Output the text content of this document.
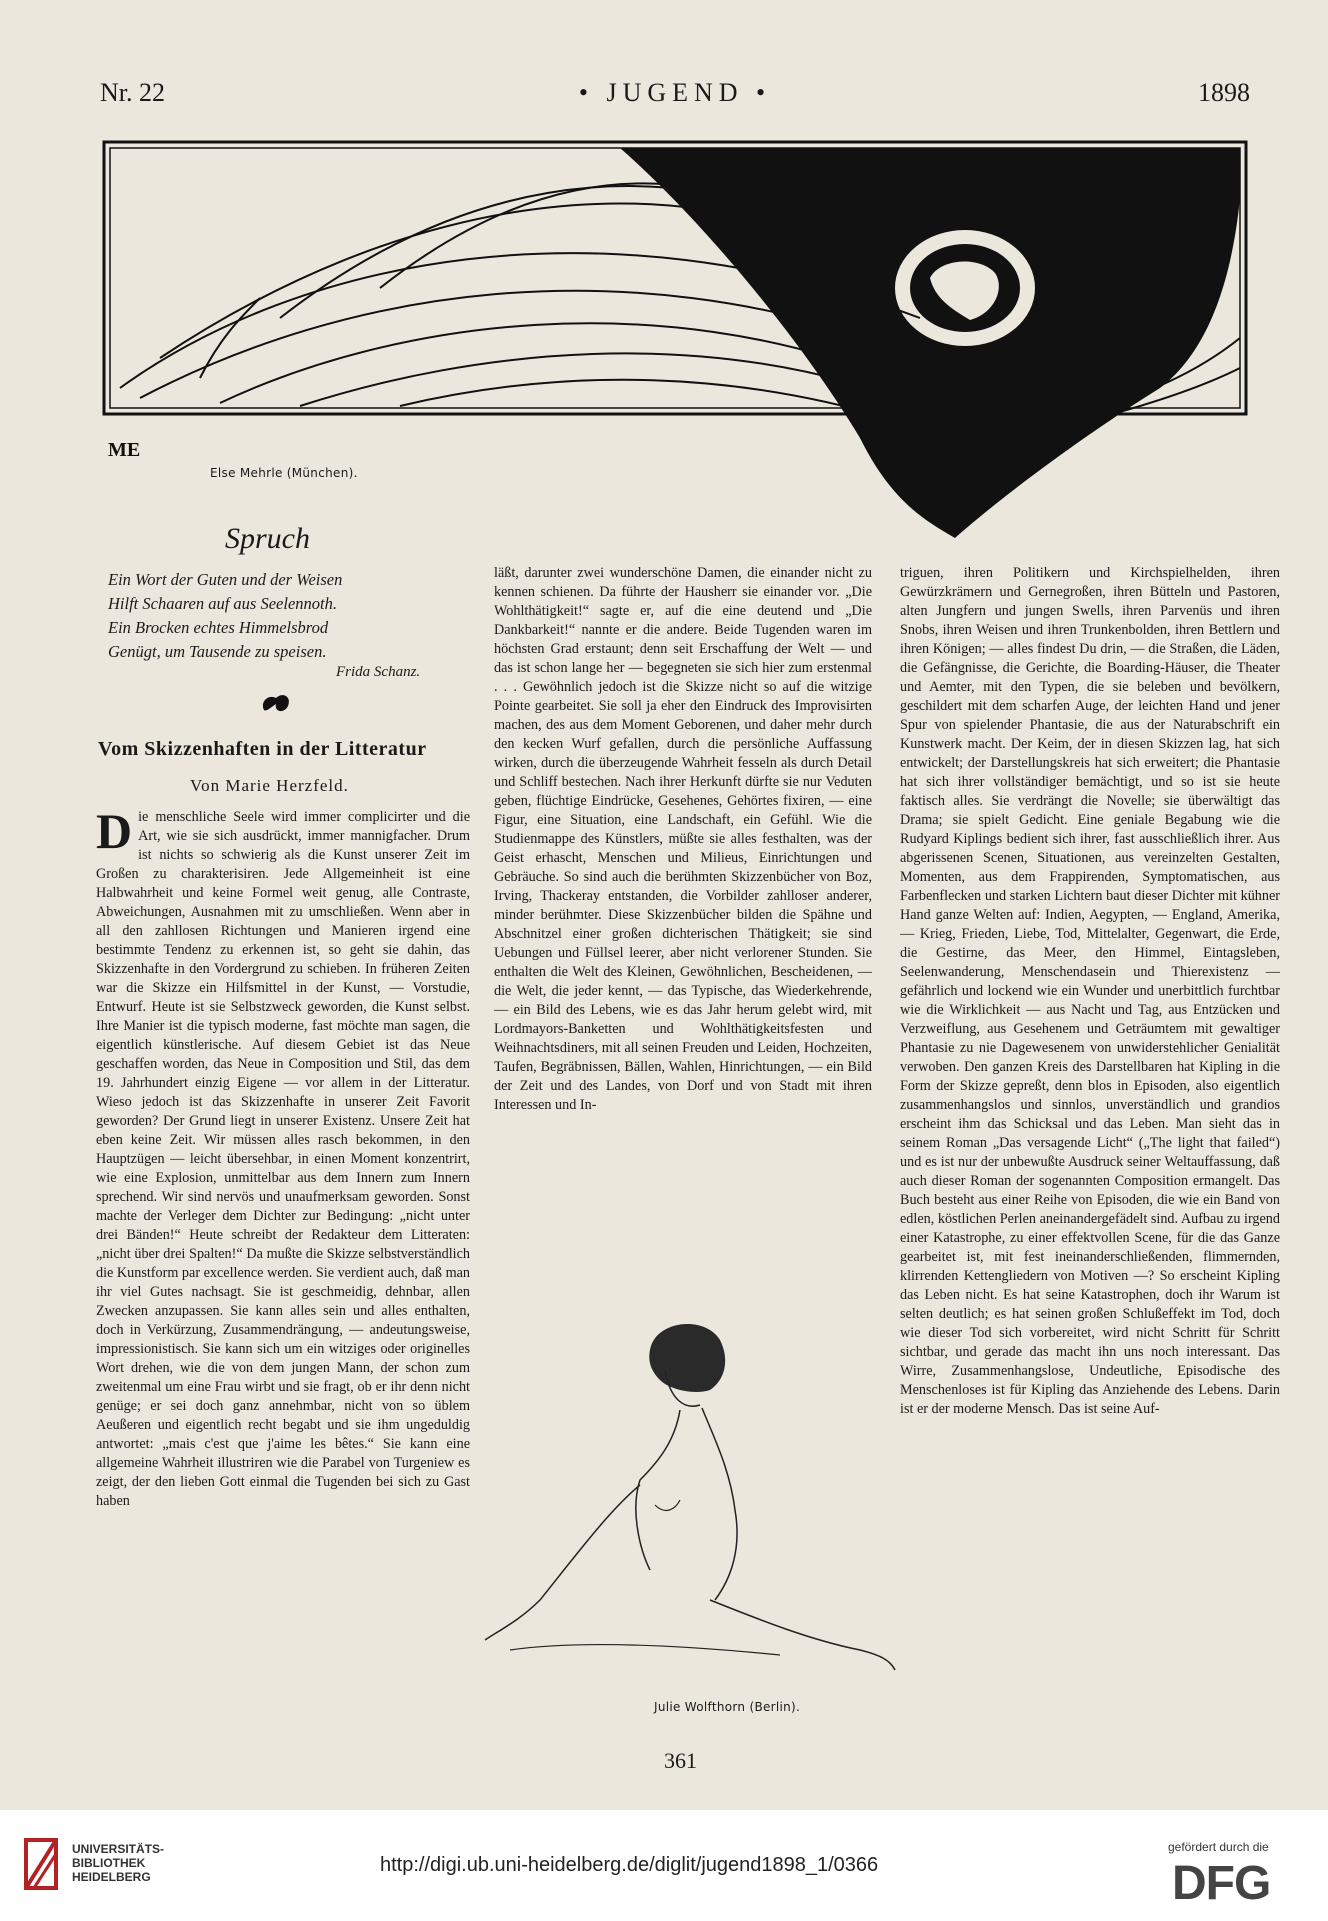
Nr. 22	• JUGEND •	1898
ME
Else Mehrle (München).
Spruch
Ein Wort der Guten und der Weisen
Hilft Schaaren auf aus Seelennoth.
Ein Brocken echtes Himmelsbrod
Genügt, um Tausende zu speisen.
Frida Schanz.
Vom Skizzenhaften in der Litteratur
Von Marie Herzfeld.
Die menschliche Seele wird immer complicirter und die Art, wie sie sich ausdrückt, immer mannigfacher. Drum ist nichts so schwierig als die Kunst unserer Zeit im Großen zu charakterisiren. Jede Allgemeinheit ist eine Halbwahrheit und keine Formel weit genug, alle Contraste, Abweichungen, Ausnahmen mit zu umschließen. Wenn aber in all den zahllosen Richtungen und Manieren irgend eine bestimmte Tendenz zu erkennen ist, so geht sie dahin, das Skizzenhafte in den Vordergrund zu schieben. In früheren Zeiten war die Skizze ein Hilfsmittel in der Kunst, — Vorstudie, Entwurf. Heute ist sie Selbstzweck geworden, die Kunst selbst. Ihre Manier ist die typisch moderne, fast möchte man sagen, die eigentlich künstlerische. Auf diesem Gebiet ist das Neue geschaffen worden, das Neue in Composition und Stil, das dem 19. Jahrhundert einzig Eigene — vor allem in der Litteratur. Wieso jedoch ist das Skizzenhafte in unserer Zeit Favorit geworden? Der Grund liegt in unserer Existenz. Unsere Zeit hat eben keine Zeit. Wir müssen alles rasch bekommen, in den Hauptzügen — leicht übersehbar, in einen Moment konzentrirt, wie eine Explosion, unmittelbar aus dem Innern zum Innern sprechend. Wir sind nervös und unaufmerksam geworden. Sonst machte der Verleger dem Dichter zur Bedingung: „nicht unter drei Bänden!“ Heute schreibt der Redakteur dem Litteraten: „nicht über drei Spalten!“ Da mußte die Skizze selbstverständlich die Kunstform par excellence werden. Sie verdient auch, daß man ihr viel Gutes nachsagt. Sie ist geschmeidig, dehnbar, allen Zwecken anzupassen. Sie kann alles sein und alles enthalten, doch in Verkürzung, Zusammendrängung, — andeutungsweise, impressionistisch. Sie kann sich um ein witziges oder originelles Wort drehen, wie die von dem jungen Mann, der schon zum zweitenmal um eine Frau wirbt und sie fragt, ob er ihr denn nicht genüge; er sei doch ganz annehmbar, nicht von so üblem Aeußeren und eigentlich recht begabt und sie ihm ungeduldig antwortet: „mais c'est que j'aime les bêtes.“ Sie kann eine allgemeine Wahrheit illustriren wie die Parabel von Turgeniew es zeigt, der den lieben Gott einmal die Tugenden bei sich zu Gast haben
läßt, darunter zwei wunderschöne Damen, die einander nicht zu kennen schienen. Da führte der Hausherr sie einander vor. „Die Wohlthätigkeit!“ sagte er, auf die eine deutend und „Die Dankbarkeit!“ nannte er die andere. Beide Tugenden waren im höchsten Grad erstaunt; denn seit Erschaffung der Welt — und das ist schon lange her — begegneten sie sich hier zum erstenmal . . . Gewöhnlich jedoch ist die Skizze nicht so auf die witzige Pointe gearbeitet. Sie soll ja eher den Eindruck des Improvisirten machen, des aus dem Moment Geborenen, und daher mehr durch den kecken Wurf gefallen, durch die persönliche Auffassung wirken, durch die überzeugende Wahrheit fesseln als durch Detail und Schliff bestechen. Nach ihrer Herkunft dürfte sie nur Veduten geben, flüchtige Eindrücke, Gesehenes, Gehörtes fixiren, — eine Figur, eine Situation, eine Landschaft, ein Gefühl. Wie die Studienmappe des Künstlers, müßte sie alles festhalten, was der Geist erhascht, Menschen und Milieus, Einrichtungen und Gebräuche. So sind auch die berühmten Skizzenbücher von Boz, Irving, Thackeray entstanden, die Vorbilder zahlloser anderer, minder berühmter. Diese Skizzenbücher bilden die Spähne und Abschnitzel einer großen dichterischen Thätigkeit; sie sind Uebungen und Füllsel leerer, aber nicht verlorener Stunden. Sie enthalten die Welt des Kleinen, Gewöhnlichen, Bescheidenen, — die Welt, die jeder kennt, — das Typische, das Wiederkehrende, — ein Bild des Lebens, wie es das Jahr herum gelebt wird, mit Lordmayors-Banketten und Wohlthätigkeitsfesten und Weihnachtsdiners, mit all seinen Freuden und Leiden, Hochzeiten, Taufen, Begräbnissen, Bällen, Wahlen, Hinrichtungen, — ein Bild der Zeit und des Landes, von Dorf und von Stadt mit ihren Interessen und In-
triguen, ihren Politikern und Kirchspielhelden, ihren Gewürzkrämern und Gernegroßen, ihren Bütteln und Pastoren, alten Jungfern und jungen Swells, ihren Parvenüs und ihren Snobs, ihren Weisen und ihren Trunkenbolden, ihren Bettlern und ihren Königen; — alles findest Du drin, — die Straßen, die Läden, die Gefängnisse, die Gerichte, die Boarding-Häuser, die Theater und Aemter, mit den Typen, die sie beleben und bevölkern, geschildert mit dem scharfen Auge, der leichten Hand und jener Spur von spielender Phantasie, die aus der Naturabschrift ein Kunstwerk macht. Der Keim, der in diesen Skizzen lag, hat sich entwickelt; der Darstellungskreis hat sich erweitert; die Phantasie hat sich ihrer vollständiger bemächtigt, und so ist sie heute faktisch alles. Sie verdrängt die Novelle; sie überwältigt das Drama; sie spielt Gedicht. Eine geniale Begabung wie die Rudyard Kiplings bedient sich ihrer, fast ausschließlich ihrer. Aus abgerissenen Scenen, Situationen, aus vereinzelten Gestalten, Momenten, aus dem Frappirenden, Symptomatischen, aus Farbenflecken und starken Lichtern baut dieser Dichter mit kühner Hand ganze Welten auf: Indien, Aegypten, — England, Amerika, — Krieg, Frieden, Liebe, Tod, Mittelalter, Gegenwart, die Erde, die Gestirne, das Meer, den Himmel, Eintagsleben, Seelenwanderung, Menschendasein und Thierexistenz — gefährlich und lockend wie ein Wunder und unerbittlich furchtbar wie die Wirklichkeit — aus Nacht und Tag, aus Entzücken und Verzweiflung, aus Gesehenem und Geträumtem mit gewaltiger Phantasie zu nie Dagewesenem von unwiderstehlicher Genialität verwoben. Den ganzen Kreis des Darstellbaren hat Kipling in die Form der Skizze gepreßt, denn blos in Episoden, also eigentlich zusammenhangslos und sinnlos, unverständlich und grandios erscheint ihm das Schicksal und das Leben. Man sieht das in seinem Roman „Das versagende Licht“ („The light that failed“) und es ist nur der unbewußte Ausdruck seiner Weltauffassung, daß auch dieser Roman der sogenannten Composition ermangelt. Das Buch besteht aus einer Reihe von Episoden, die wie ein Band von edlen, köstlichen Perlen aneinandergefädelt sind. Aufbau zu irgend einer Katastrophe, zu einer effektvollen Scene, für die das Ganze gearbeitet ist, mit fest ineinanderschließenden, flimmernden, klirrenden Kettengliedern von Motiven —? So erscheint Kipling das Leben nicht. Es hat seine Katastrophen, doch ihr Warum ist selten deutlich; es hat seinen großen Schlußeffekt im Tod, doch wie dieser Tod sich vorbereitet, wird nicht Schritt für Schritt sichtbar, und gerade das macht ihn uns noch interessant. Das Wirre, Zusammenhangslose, Undeutliche, Episodische des Menschenloses ist für Kipling das Anziehende des Lebens. Darin ist er der moderne Mensch. Das ist seine Auf-
Julie Wolfthorn (Berlin).
361
UNIVERSITÄTS-
BIBLIOTHEK
HEIDELBERG
http://digi.ub.uni-heidelberg.de/diglit/jugend1898_1/0366
gefördert durch die
DFG
